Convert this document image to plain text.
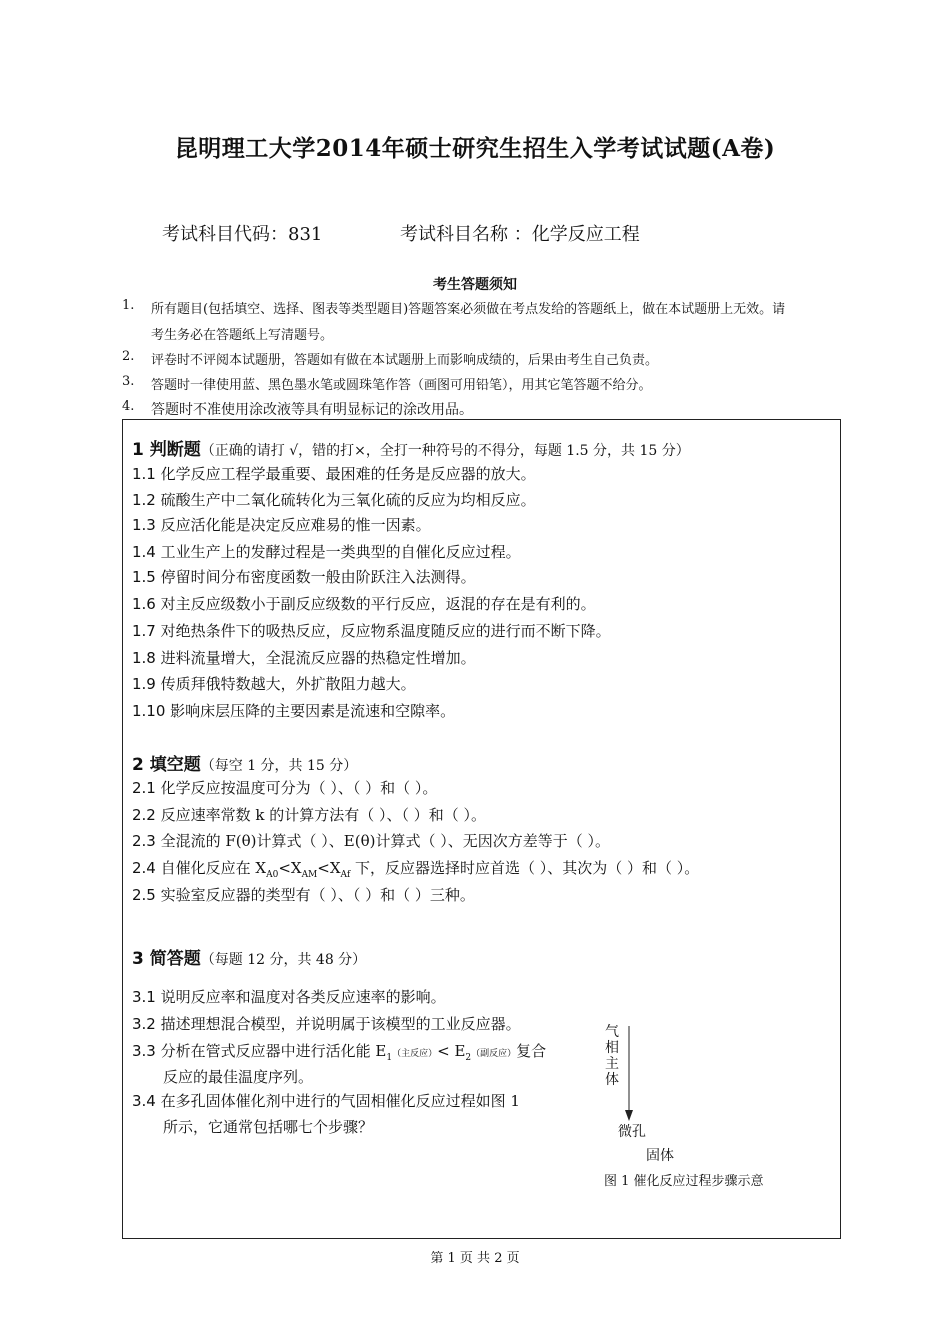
昆明理工大学2014年硕士研究生招生入学考试试题(A卷)
考试科目代码：831	考试科目名称 ：化学反应工程
考生答题须知
1. 所有题目(包括填空、选择、图表等类型题目)答题答案必须做在考点发给的答题纸上，做在本试题册上无效。请
考生务必在答题纸上写清题号。
2. 评卷时不评阅本试题册，答题如有做在本试题册上而影响成绩的，后果由考生自己负责。
3. 答题时一律使用蓝、黑色墨水笔或圆珠笔作答（画图可用铅笔），用其它笔答题不给分。
4. 答题时不准使用涂改液等具有明显标记的涂改用品。
1 判断题（正确的请打 √，错的打×，全打一种符号的不得分，每题 1.5 分，共 15 分）
1.1 化学反应工程学最重要、最困难的任务是反应器的放大。
1.2 硫酸生产中二氧化硫转化为三氧化硫的反应为均相反应。
1.3 反应活化能是决定反应难易的惟一因素。
1.4 工业生产上的发酵过程是一类典型的自催化反应过程。
1.5 停留时间分布密度函数一般由阶跃注入法测得。
1.6 对主反应级数小于副反应级数的平行反应，返混的存在是有利的。
1.7 对绝热条件下的吸热反应，反应物系温度随反应的进行而不断下降。
1.8 进料流量增大，全混流反应器的热稳定性增加。
1.9 传质拜俄特数越大，外扩散阻力越大。
1.10 影响床层压降的主要因素是流速和空隙率。
2 填空题（每空 1 分，共 15 分）
2.1 化学反应按温度可分为（ ）、（ ）和（ ）。
2.2 反应速率常数 k 的计算方法有（ ）、（ ）和（ ）。
2.3 全混流的 F(θ)计算式（ ）、E(θ)计算式（ ）、无因次方差等于（ ）。
2.4 自催化反应在 $X_{A0}<X_{AM}<X_{Af}$ 下，反应器选择时应首选（ ）、其次为（ ）和（ ）。
2.5 实验室反应器的类型有（ ）、（ ）和（ ）三种。
3 简答题（每题 12 分，共 48 分）
3.1 说明反应率和温度对各类反应速率的影响。
3.2 描述理想混合模型，并说明属于该模型的工业反应器。
3.3 分析在管式反应器中进行活化能 $E_1$（主反应）< $E_2$（副反应）复合
反应的最佳温度序列。
3.4 在多孔固体催化剂中进行的气固相催化反应过程如图 1
所示，它通常包括哪七个步骤？
气
相
主
体
微孔
固体
图 1 催化反应过程步骤示意
第 1 页 共 2 页
